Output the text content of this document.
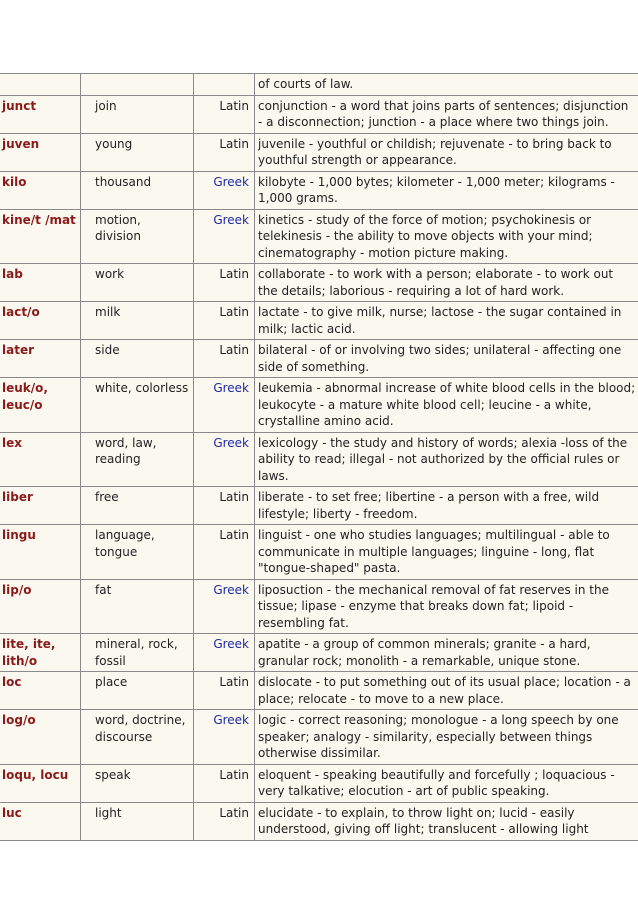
			of courts of law.
junct	join	Latin	conjunction - a word that joins parts of sentences; disjunction - a disconnection; junction - a place where two things join.
juven	young	Latin	juvenile - youthful or childish; rejuvenate - to bring back to youthful strength or appearance.
kilo	thousand	Greek	kilobyte - 1,000 bytes; kilometer - 1,000 meter; kilograms - 1,000 grams.
kine/t /mat	motion, division	Greek	kinetics - study of the force of motion; psychokinesis or telekinesis - the ability to move objects with your mind; cinematography - motion picture making.
lab	work	Latin	collaborate - to work with a person; elaborate - to work out the details; laborious - requiring a lot of hard work.
lact/o	milk	Latin	lactate - to give milk, nurse; lactose - the sugar contained in milk; lactic acid.
later	side	Latin	bilateral - of or involving two sides; unilateral - affecting one side of something.
leuk/o, leuc/o	white, colorless	Greek	leukemia - abnormal increase of white blood cells in the blood; leukocyte - a mature white blood cell; leucine - a white, crystalline amino acid.
lex	word, law, reading	Greek	lexicology - the study and history of words; alexia -loss of the ability to read; illegal - not authorized by the official rules or laws.
liber	free	Latin	liberate - to set free; libertine - a person with a free, wild lifestyle; liberty - freedom.
lingu	language, tongue	Latin	linguist - one who studies languages; multilingual - able to communicate in multiple languages; linguine - long, flat "tongue-shaped" pasta.
lip/o	fat	Greek	liposuction - the mechanical removal of fat reserves in the tissue; lipase - enzyme that breaks down fat; lipoid - resembling fat.
lite, ite, lith/o	mineral, rock, fossil	Greek	apatite - a group of common minerals; granite - a hard, granular rock; monolith - a remarkable, unique stone.
loc	place	Latin	dislocate - to put something out of its usual place; location - a place; relocate - to move to a new place.
log/o	word, doctrine, discourse	Greek	logic - correct reasoning; monologue - a long speech by one speaker; analogy - similarity, especially between things otherwise dissimilar.
loqu, locu	speak	Latin	eloquent - speaking beautifully and forcefully ; loquacious - very talkative; elocution - art of public speaking.
luc	light	Latin	elucidate - to explain, to throw light on; lucid - easily understood, giving off light; translucent - allowing light
